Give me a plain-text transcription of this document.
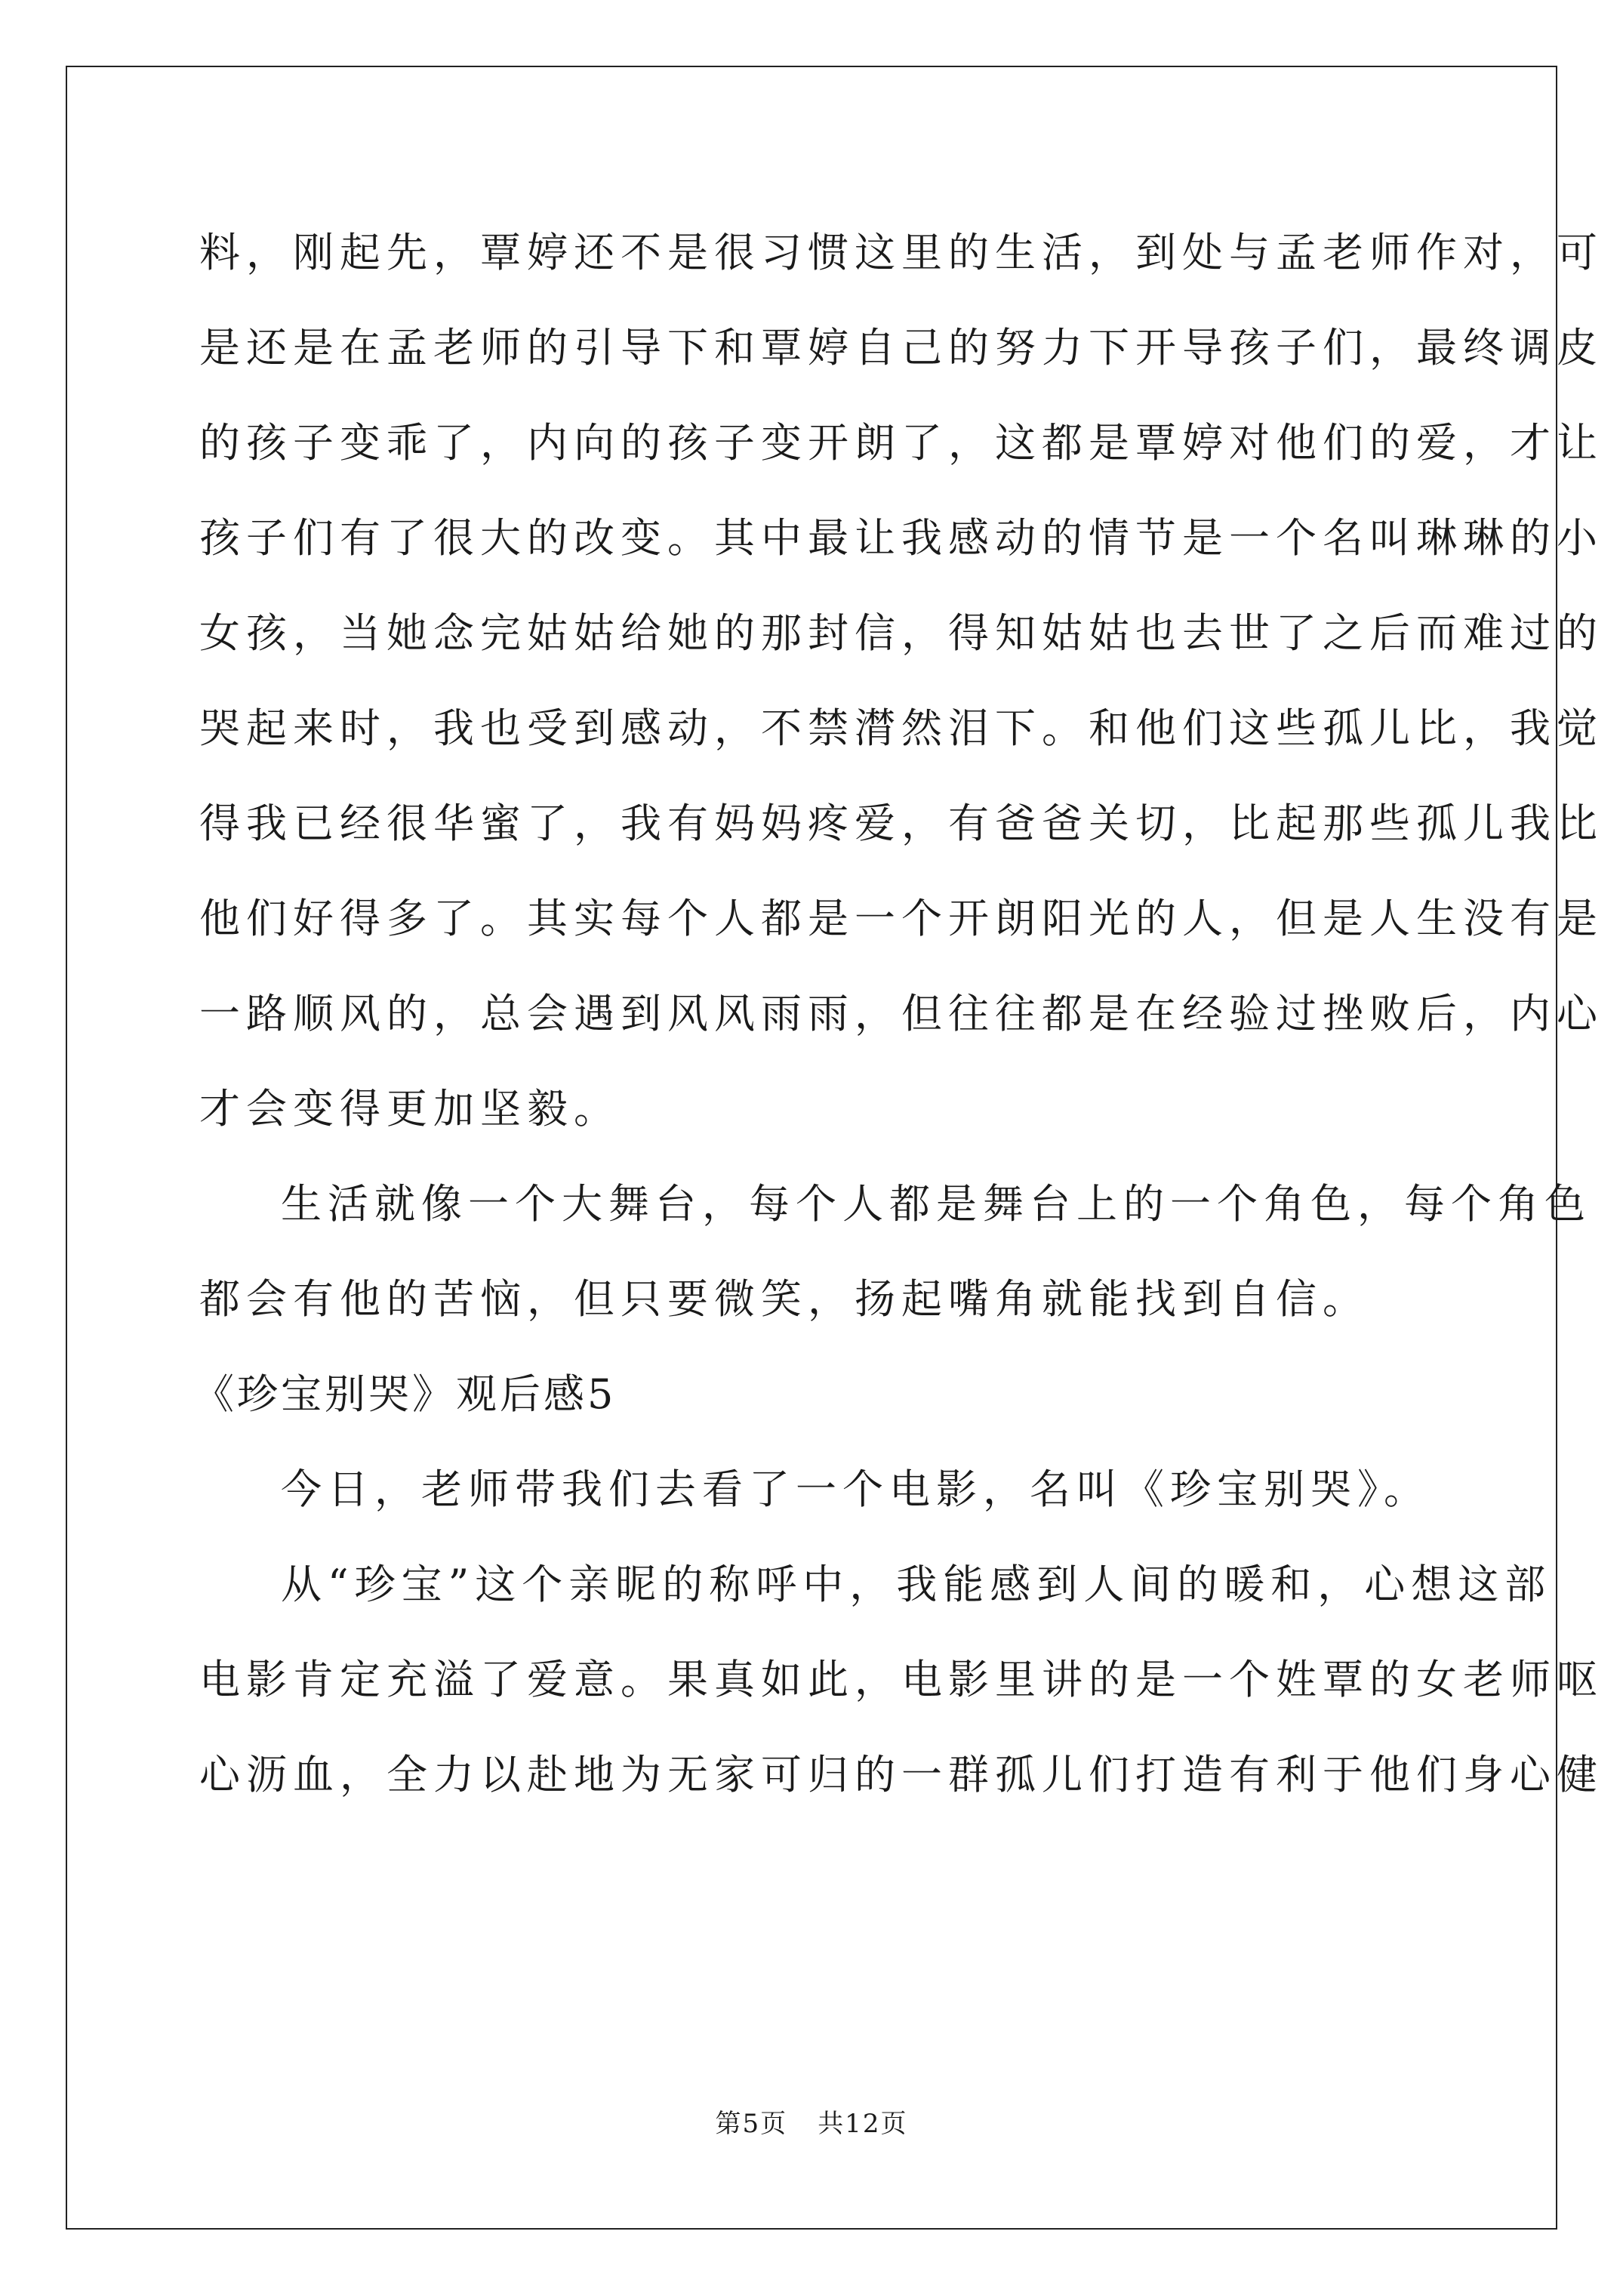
料，刚起先，覃婷还不是很习惯这里的生活，到处与孟老师作对，可
是还是在孟老师的引导下和覃婷自己的努力下开导孩子们，最终调皮
的孩子变乖了，内向的孩子变开朗了，这都是覃婷对他们的爱，才让
孩子们有了很大的改变。其中最让我感动的情节是一个名叫琳琳的小
女孩，当她念完姑姑给她的那封信，得知姑姑也去世了之后而难过的
哭起来时，我也受到感动，不禁潸然泪下。和他们这些孤儿比，我觉
得我已经很华蜜了，我有妈妈疼爱，有爸爸关切，比起那些孤儿我比
他们好得多了。其实每个人都是一个开朗阳光的人，但是人生没有是
一路顺风的，总会遇到风风雨雨，但往往都是在经验过挫败后，内心
才会变得更加坚毅。
生活就像一个大舞台，每个人都是舞台上的一个角色，每个角色
都会有他的苦恼，但只要微笑，扬起嘴角就能找到自信。
《珍宝别哭》观后感5
今日，老师带我们去看了一个电影，名叫《珍宝别哭》。
从“珍宝”这个亲昵的称呼中，我能感到人间的暖和，心想这部
电影肯定充溢了爱意。果真如此，电影里讲的是一个姓覃的女老师呕
心沥血，全力以赴地为无家可归的一群孤儿们打造有利于他们身心健
第5页 共12页
